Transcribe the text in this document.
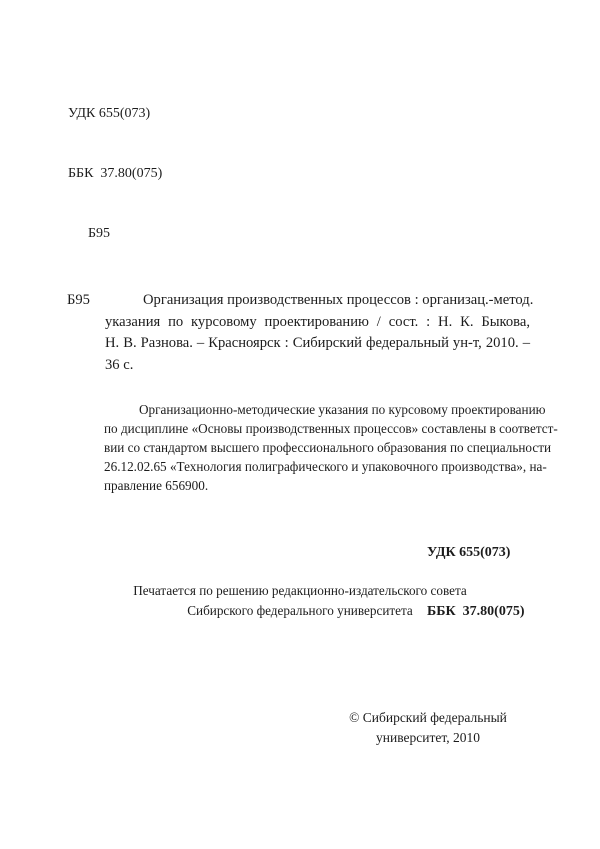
УДК 655(073)

ББК  37.80(075)

Б95

Б95	Организация производственных процессов : организац.-метод.
указания по курсовому проектированию / сост. : Н. К. Быкова,
Н. В. Разнова. – Красноярск : Сибирский федеральный ун-т, 2010. –
36 с.
Организационно-методические указания по курсовому проектированию
по дисциплине «Основы производственных процессов» составлены в соответст-
вии со стандартом высшего профессионального образования по специальности
26.12.02.65 «Технология полиграфического и упаковочного производства», на-
правление 656900.

УДК 655(073)

ББК  37.80(075)

Печатается по решению редакционно-издательского совета
Сибирского федерального университета
© Сибирский федеральный
университет, 2010
